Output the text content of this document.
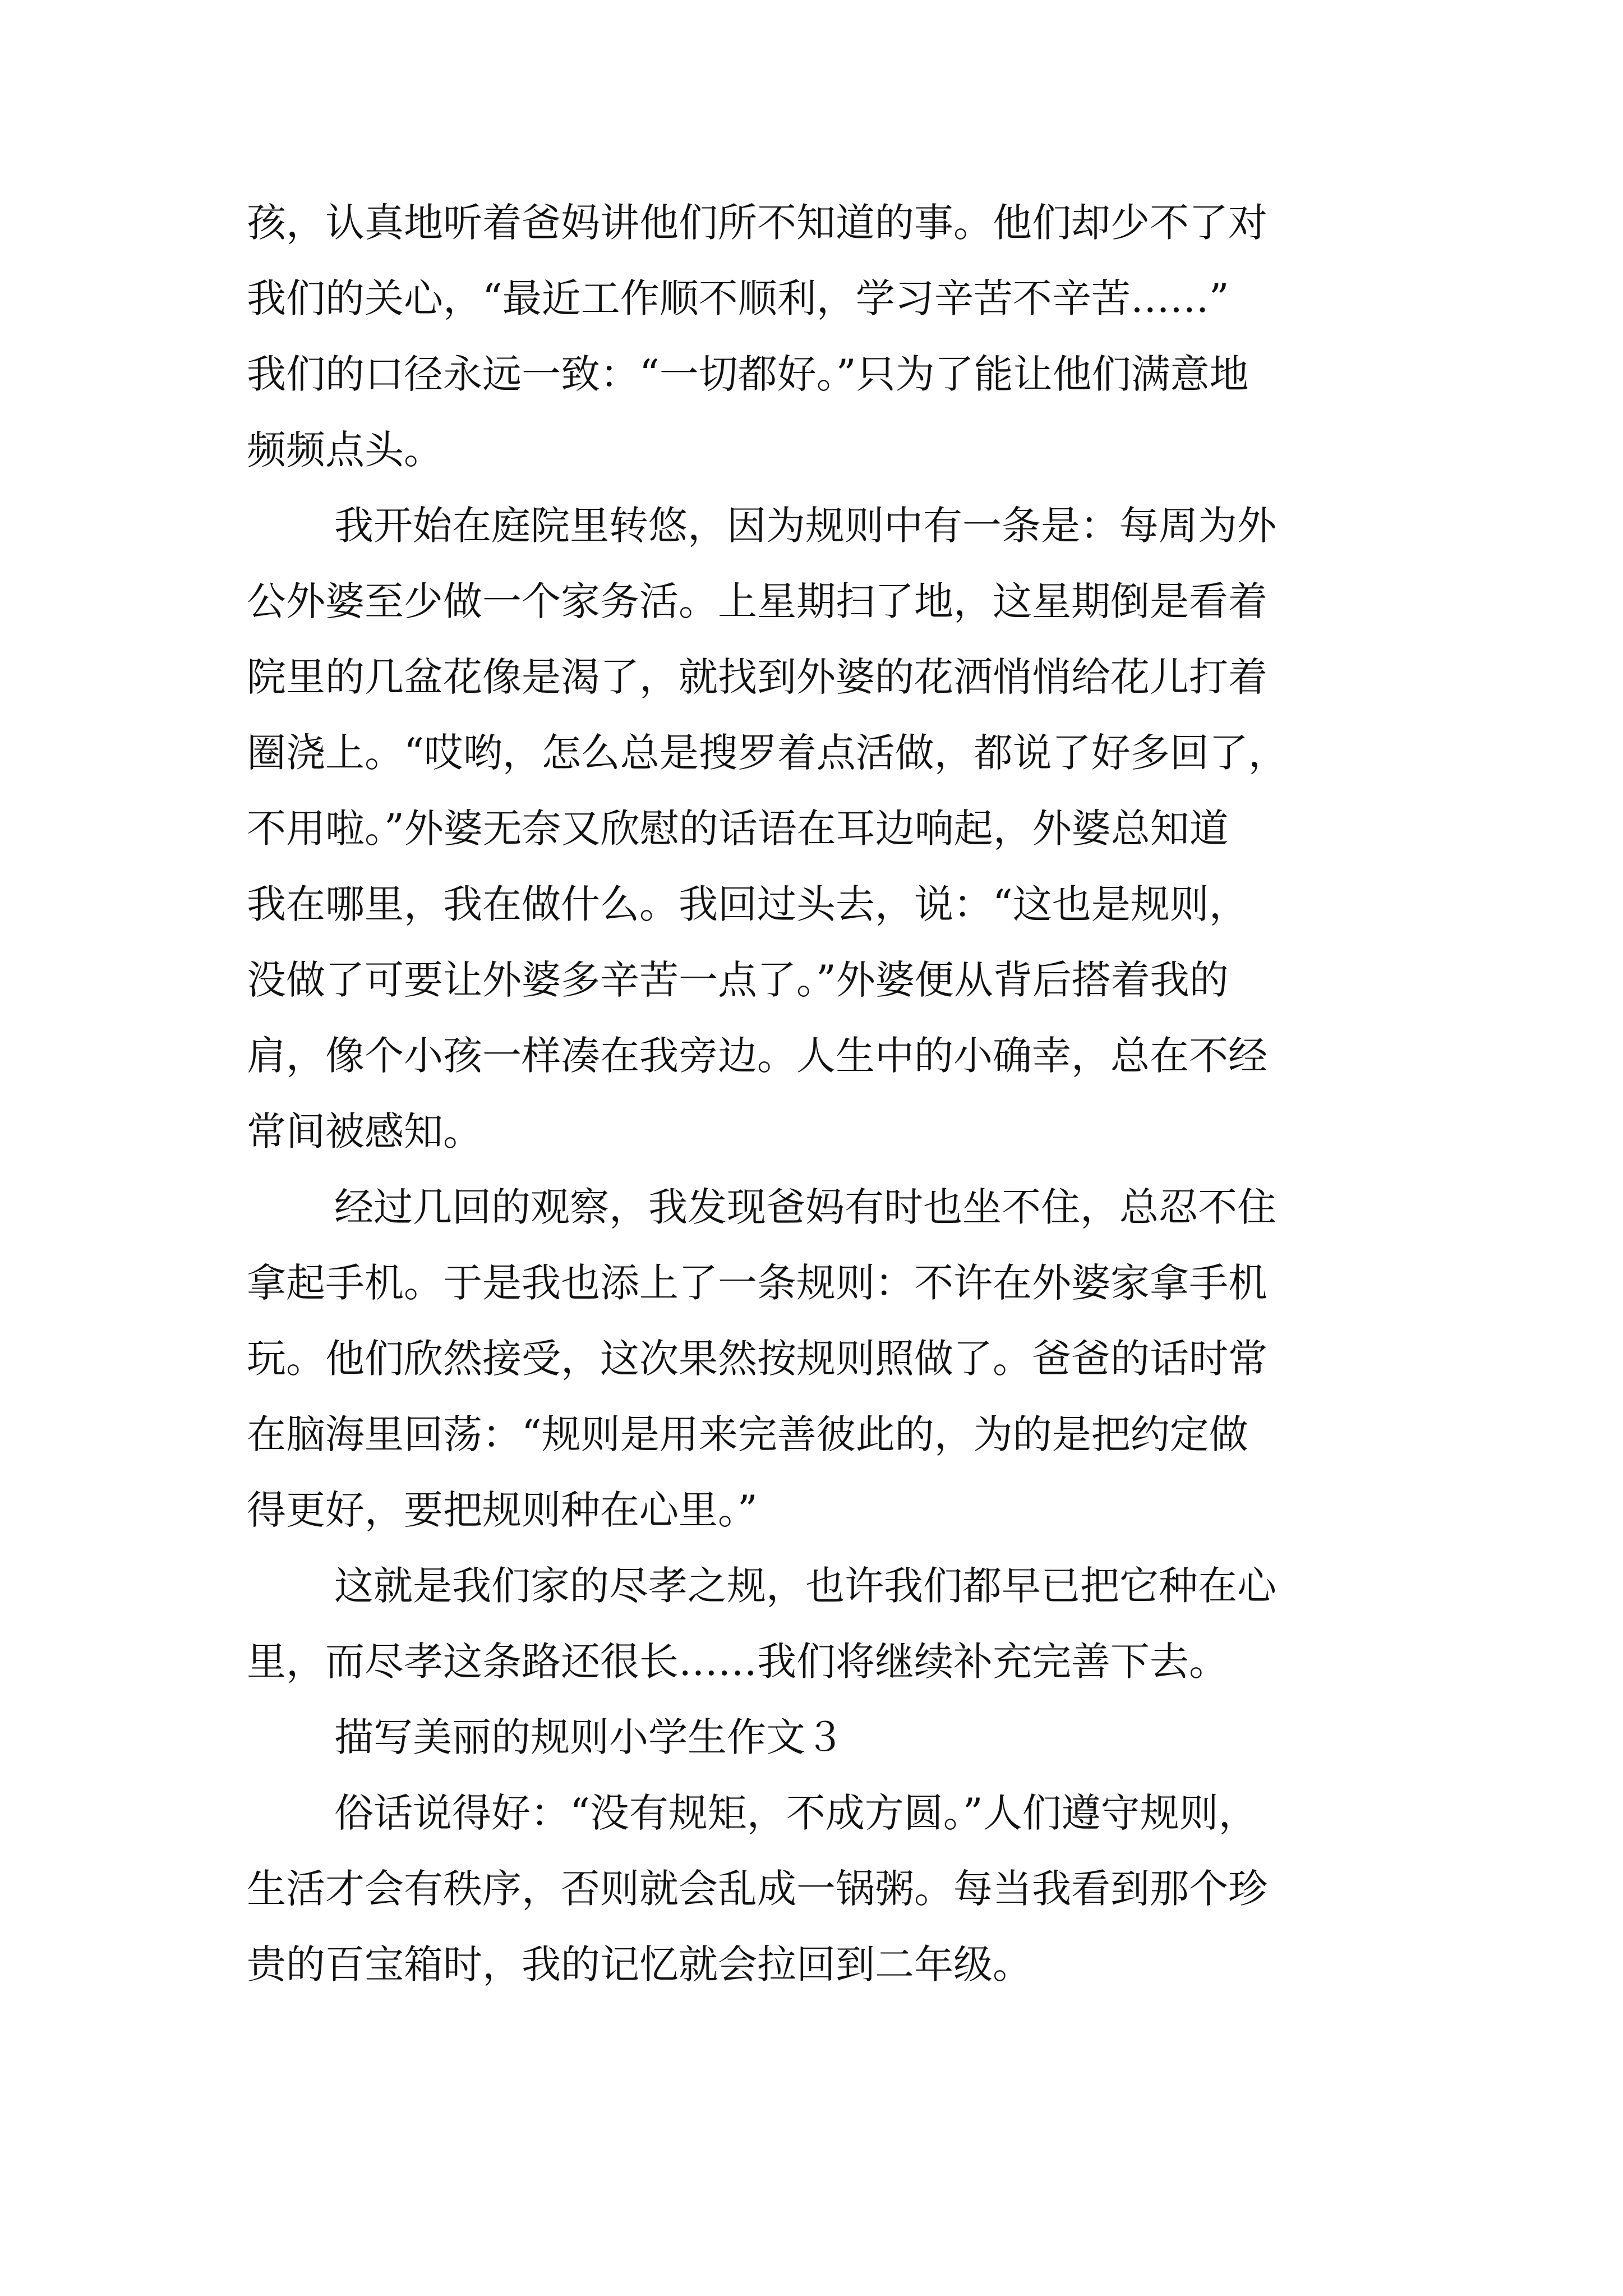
孩，认真地听着爸妈讲他们所不知道的事。他们却少不了对
我们的关心，“最近工作顺不顺利，学习辛苦不辛苦……”
我们的口径永远一致：“一切都好。”只为了能让他们满意地
频频点头。
我开始在庭院里转悠，因为规则中有一条是：每周为外
公外婆至少做一个家务活。上星期扫了地，这星期倒是看着
院里的几盆花像是渴了，就找到外婆的花洒悄悄给花儿打着
圈浇上。“哎哟，怎么总是搜罗着点活做，都说了好多回了，
不用啦。”外婆无奈又欣慰的话语在耳边响起，外婆总知道
我在哪里，我在做什么。我回过头去，说：“这也是规则，
没做了可要让外婆多辛苦一点了。”外婆便从背后搭着我的
肩，像个小孩一样凑在我旁边。人生中的小确幸，总在不经
常间被感知。
经过几回的观察，我发现爸妈有时也坐不住，总忍不住
拿起手机。于是我也添上了一条规则：不许在外婆家拿手机
玩。他们欣然接受，这次果然按规则照做了。爸爸的话时常
在脑海里回荡：“规则是用来完善彼此的，为的是把约定做
得更好，要把规则种在心里。”
这就是我们家的尽孝之规，也许我们都早已把它种在心
里，而尽孝这条路还很长……我们将继续补充完善下去。
描写美丽的规则小学生作文３
俗话说得好：“没有规矩，不成方圆。”人们遵守规则，
生活才会有秩序，否则就会乱成一锅粥。每当我看到那个珍
贵的百宝箱时，我的记忆就会拉回到二年级。
